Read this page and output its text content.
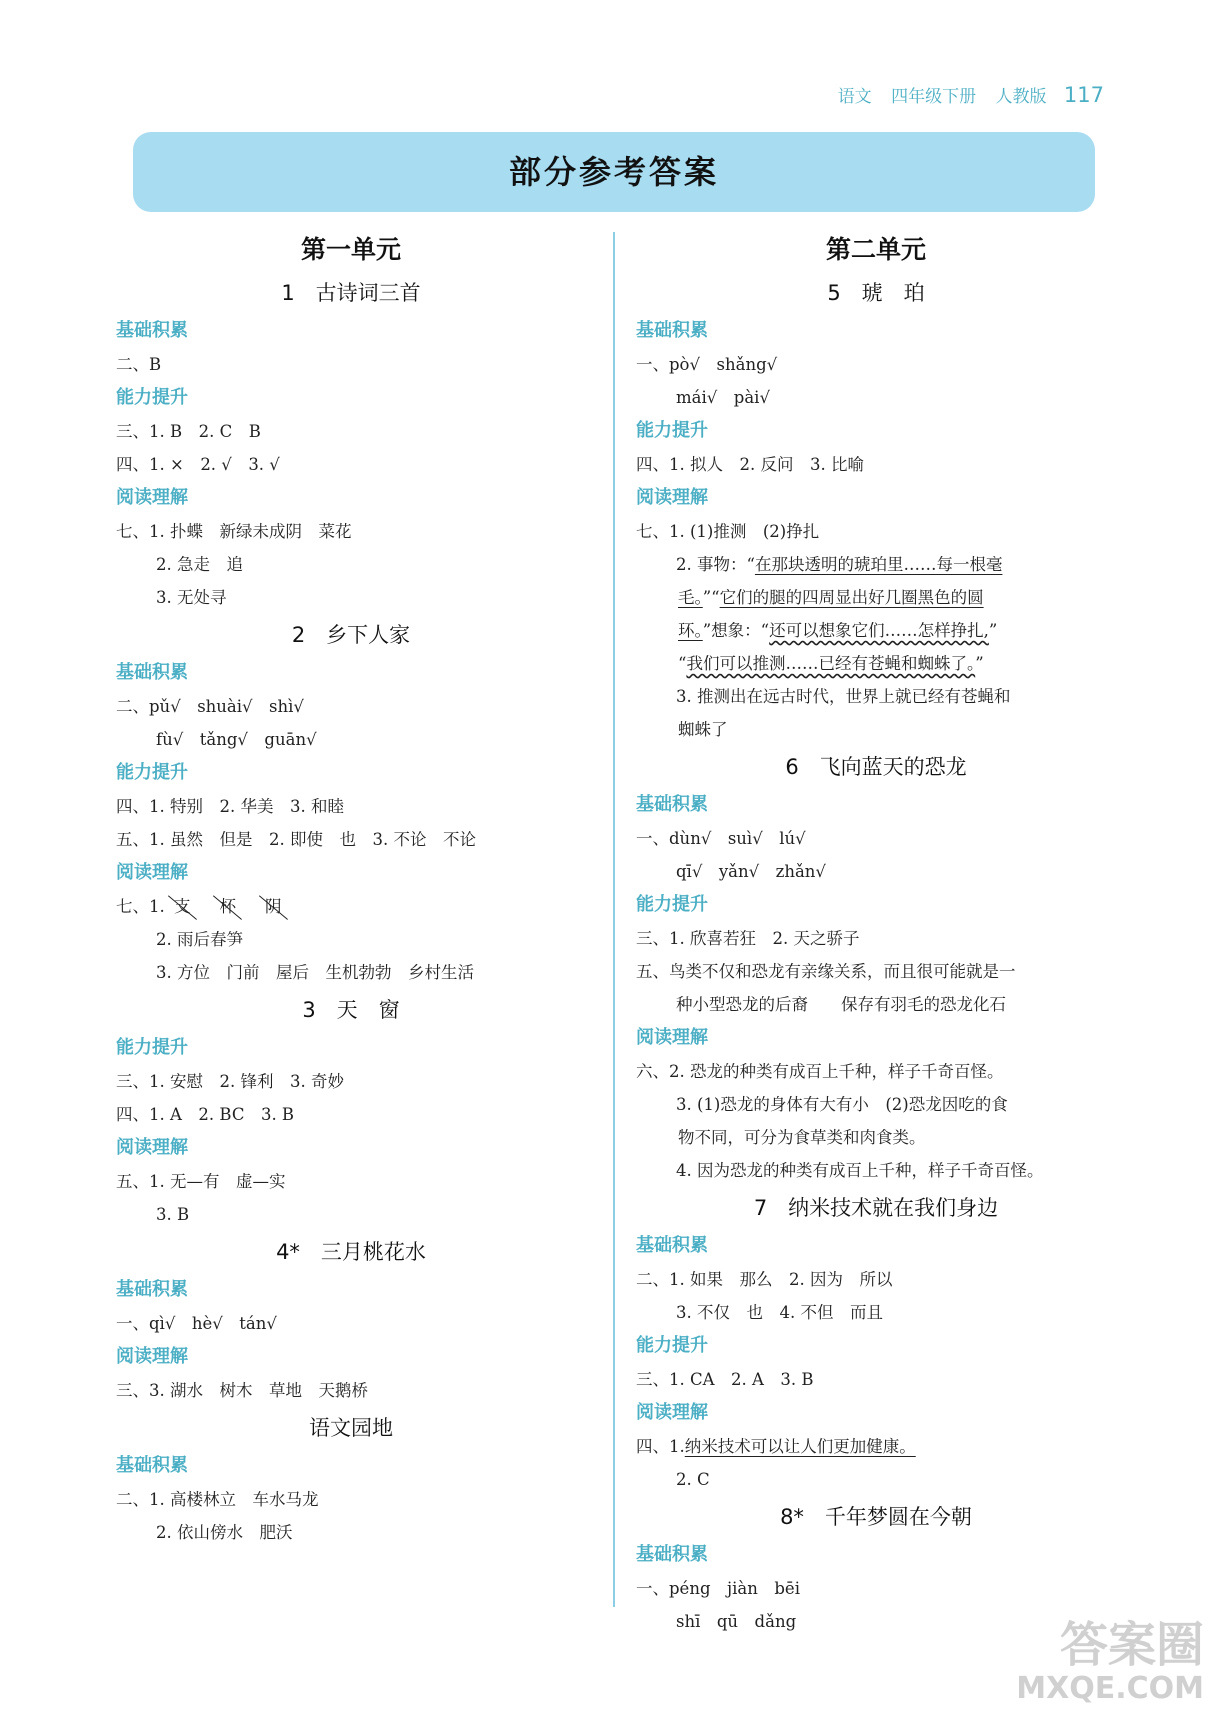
语文 四年级下册 人教版 117
部分参考答案
第一单元
1　古诗词三首
基础积累
二、B
能力提升
三、1. B　2. C　B
四、1. ×　2. √　3. √
阅读理解
七、1. 扑蝶　新绿未成阴　菜花
2. 急走　追
3. 无处寻
2　乡下人家
基础积累
二、pǔ√　shuài√　shì√
fù√　tǎng√　guān√
能力提升
四、1. 特别　2. 华美　3. 和睦
五、1. 虽然　但是　2. 即使　也　3. 不论　不论
阅读理解
七、1. 支 杯 阴
2. 雨后春笋
3. 方位　门前　屋后　生机勃勃　乡村生活
3　天　窗
能力提升
三、1. 安慰　2. 锋利　3. 奇妙
四、1. A　2. BC　3. B
阅读理解
五、1. 无—有　虚—实
3. B
4*　三月桃花水
基础积累
一、qì√　hè√　tán√
阅读理解
三、3. 湖水　树木　草地　天鹅桥
语文园地
基础积累
二、1. 高楼林立　车水马龙
2. 依山傍水　肥沃
第二单元
5　琥　珀
基础积累
一、pò√　shǎng√
mái√　pài√
能力提升
四、1. 拟人　2. 反问　3. 比喻
阅读理解
七、1. (1)推测　(2)挣扎
2. 事物：“在那块透明的琥珀里……每一根毫
毛。”“它们的腿的四周显出好几圈黑色的圆
环。”想象：“还可以想象它们……怎样挣扎,”
“我们可以推测……已经有苍蝇和蜘蛛了。”
3. 推测出在远古时代，世界上就已经有苍蝇和
蜘蛛了
6　飞向蓝天的恐龙
基础积累
一、dùn√　suì√　lú√
qī√　yǎn√　zhǎn√
能力提升
三、1. 欣喜若狂　2. 天之骄子
五、鸟类不仅和恐龙有亲缘关系，而且很可能就是一
种小型恐龙的后裔　　保存有羽毛的恐龙化石
阅读理解
六、2. 恐龙的种类有成百上千种，样子千奇百怪。
3. (1)恐龙的身体有大有小　(2)恐龙因吃的食
物不同，可分为食草类和肉食类。
4. 因为恐龙的种类有成百上千种，样子千奇百怪。
7　纳米技术就在我们身边
基础积累
二、1. 如果　那么　2. 因为　所以
3. 不仅　也　4. 不但　而且
能力提升
三、1. CA　2. A　3. B
阅读理解
四、1.纳米技术可以让人们更加健康。
2. C
8*　千年梦圆在今朝
基础积累
一、péng　jiàn　bēi
shī　qū　dǎng	答案圈
MXQE.COM
